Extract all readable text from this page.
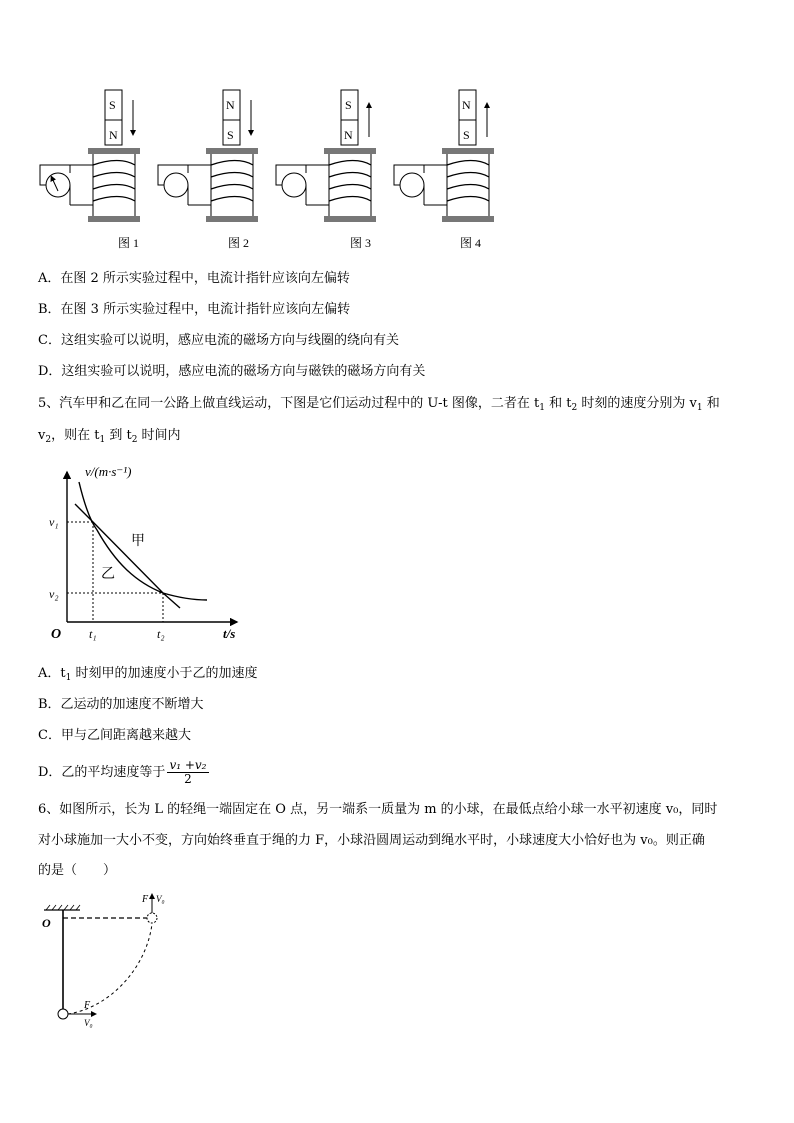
S
N
N
S
S
N
N
S
图 1	图 2	图 3	图 4
A．在图 2 所示实验过程中，电流计指针应该向左偏转
B．在图 3 所示实验过程中，电流计指针应该向左偏转
C．这组实验可以说明，感应电流的磁场方向与线圈的绕向有关
D．这组实验可以说明，感应电流的磁场方向与磁铁的磁场方向有关
5、汽车甲和乙在同一公路上做直线运动，下图是它们运动过程中的 U-t 图像，二者在 $t_1$ 和 $t_2$ 时刻的速度分别为 $v_1$ 和
$v_2$，则在 $t_1$ 到 $t_2$ 时间内
v/(m·s⁻¹)
t/s
O
v₁
v₂
t₁	t₂
甲
乙
A．$t_1$ 时刻甲的加速度小于乙的加速度
B．乙运动的加速度不断增大
C．甲与乙间距离越来越大
D．乙的平均速度等于 $\frac{\text{v₁ +v₂}}{2}$
6、如图所示，长为 L 的轻绳一端固定在 O 点，另一端系一质量为 m 的小球，在最低点给小球一水平初速度 v₀，同时
对小球施加一大小不变，方向始终垂直于绳的力 F，小球沿圆周运动到绳水平时，小球速度大小恰好也为 v₀。则正确
的是（　　）
O
F V₀
F
V₀
